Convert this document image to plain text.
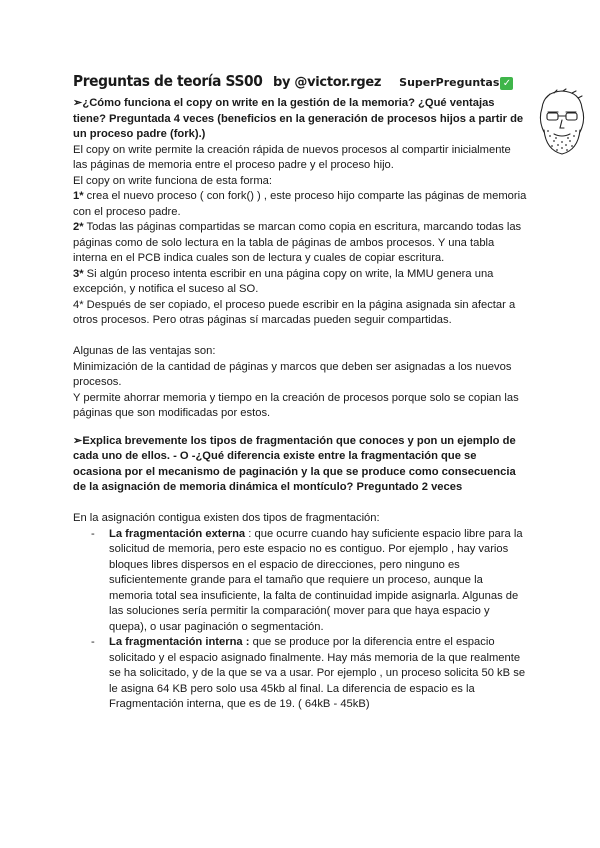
Preguntas de teoría SS00 by @victor.rgez SuperPreguntas ✓

➢¿Cómo funciona el copy on write en la gestión de la memoria? ¿Qué ventajas tiene? Preguntada 4 veces (beneficios en la generación de procesos hijos a partir de un proceso padre (fork).)

El copy on write permite la creación rápida de nuevos procesos al compartir inicialmente las páginas de memoria entre el proceso padre y el proceso hijo.

El copy on write funciona de esta forma:

1* crea el nuevo proceso ( con fork() ) , este proceso hijo comparte las páginas de memoria con el proceso padre.

2* Todas las páginas compartidas se marcan como copia en escritura, marcando todas las páginas como de solo lectura en la tabla de páginas de ambos procesos. Y una tabla interna en el PCB indica cuales son de lectura y cuales de copiar escritura.

3* Si algún proceso intenta escribir en una página copy on write, la MMU genera una excepción, y notifica el suceso al SO.

4* Después de ser copiado, el proceso puede escribir en la página asignada sin afectar a otros procesos. Pero otras páginas sí marcadas pueden seguir compartidas.

Algunas de las ventajas son:

Minimización de la cantidad de páginas y marcos que deben ser asignadas a los nuevos procesos.

Y permite ahorrar memoria y tiempo en la creación de procesos porque solo se copian las páginas que son modificadas por estos.

➢Explica brevemente los tipos de fragmentación que conoces y pon un ejemplo de cada uno de ellos. - O -¿Qué diferencia existe entre la fragmentación que se ocasiona por el mecanismo de paginación y la que se produce como consecuencia de la asignación de memoria dinámica el montículo? Preguntado 2 veces

En la asignación contigua existen dos tipos de fragmentación:

- La fragmentación externa : que ocurre cuando hay suficiente espacio libre para la solicitud de memoria, pero este espacio no es contiguo. Por ejemplo , hay varios bloques libres dispersos en el espacio de direcciones, pero ninguno es suficientemente grande para el tamaño que requiere un proceso, aunque la memoria total sea insuficiente, la falta de continuidad impide asignarla. Algunas de las soluciones sería permitir la comparación( mover para que haya espacio y quepa), o usar paginación o segmentación.
- La fragmentación interna : que se produce por la diferencia entre el espacio solicitado y el espacio asignado finalmente. Hay más memoria de la que realmente se ha solicitado, y de la que se va a usar. Por ejemplo , un proceso solicita 50 kB se le asigna 64 KB pero solo usa 45kb al final. La diferencia de espacio es la Fragmentación interna, que es de 19. ( 64kB - 45kB)
